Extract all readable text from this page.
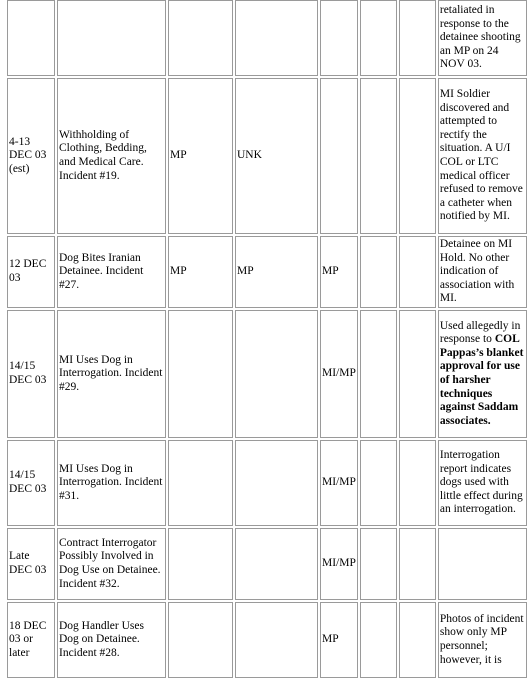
							retaliated in response to the detainee shooting an MP on 24 NOV 03.
4-13 DEC 03 (est)	Withholding of Clothing, Bedding, and Medical Care. Incident #19.	MP	UNK				MI Soldier discovered and attempted to rectify the situation. A U/I COL or LTC medical officer refused to remove a catheter when notified by MI.
12 DEC 03	Dog Bites Iranian Detainee. Incident #27.	MP	MP	MP			Detainee on MI Hold. No other indication of association with MI.
14/15 DEC 03	MI Uses Dog in Interrogation. Incident #29.			MI/MP			Used allegedly in response to COL Pappas’s blanket approval for use of harsher techniques against Saddam associates.
14/15 DEC 03	MI Uses Dog in Interrogation. Incident #31.			MI/MP			Interrogation report indicates dogs used with little effect during an interrogation.
Late DEC 03	Contract Interrogator Possibly Involved in Dog Use on Detainee. Incident #32.			MI/MP			
18 DEC 03 or later	Dog Handler Uses Dog on Detainee. Incident #28.			MP			Photos of incident show only MP personnel; however, it is
